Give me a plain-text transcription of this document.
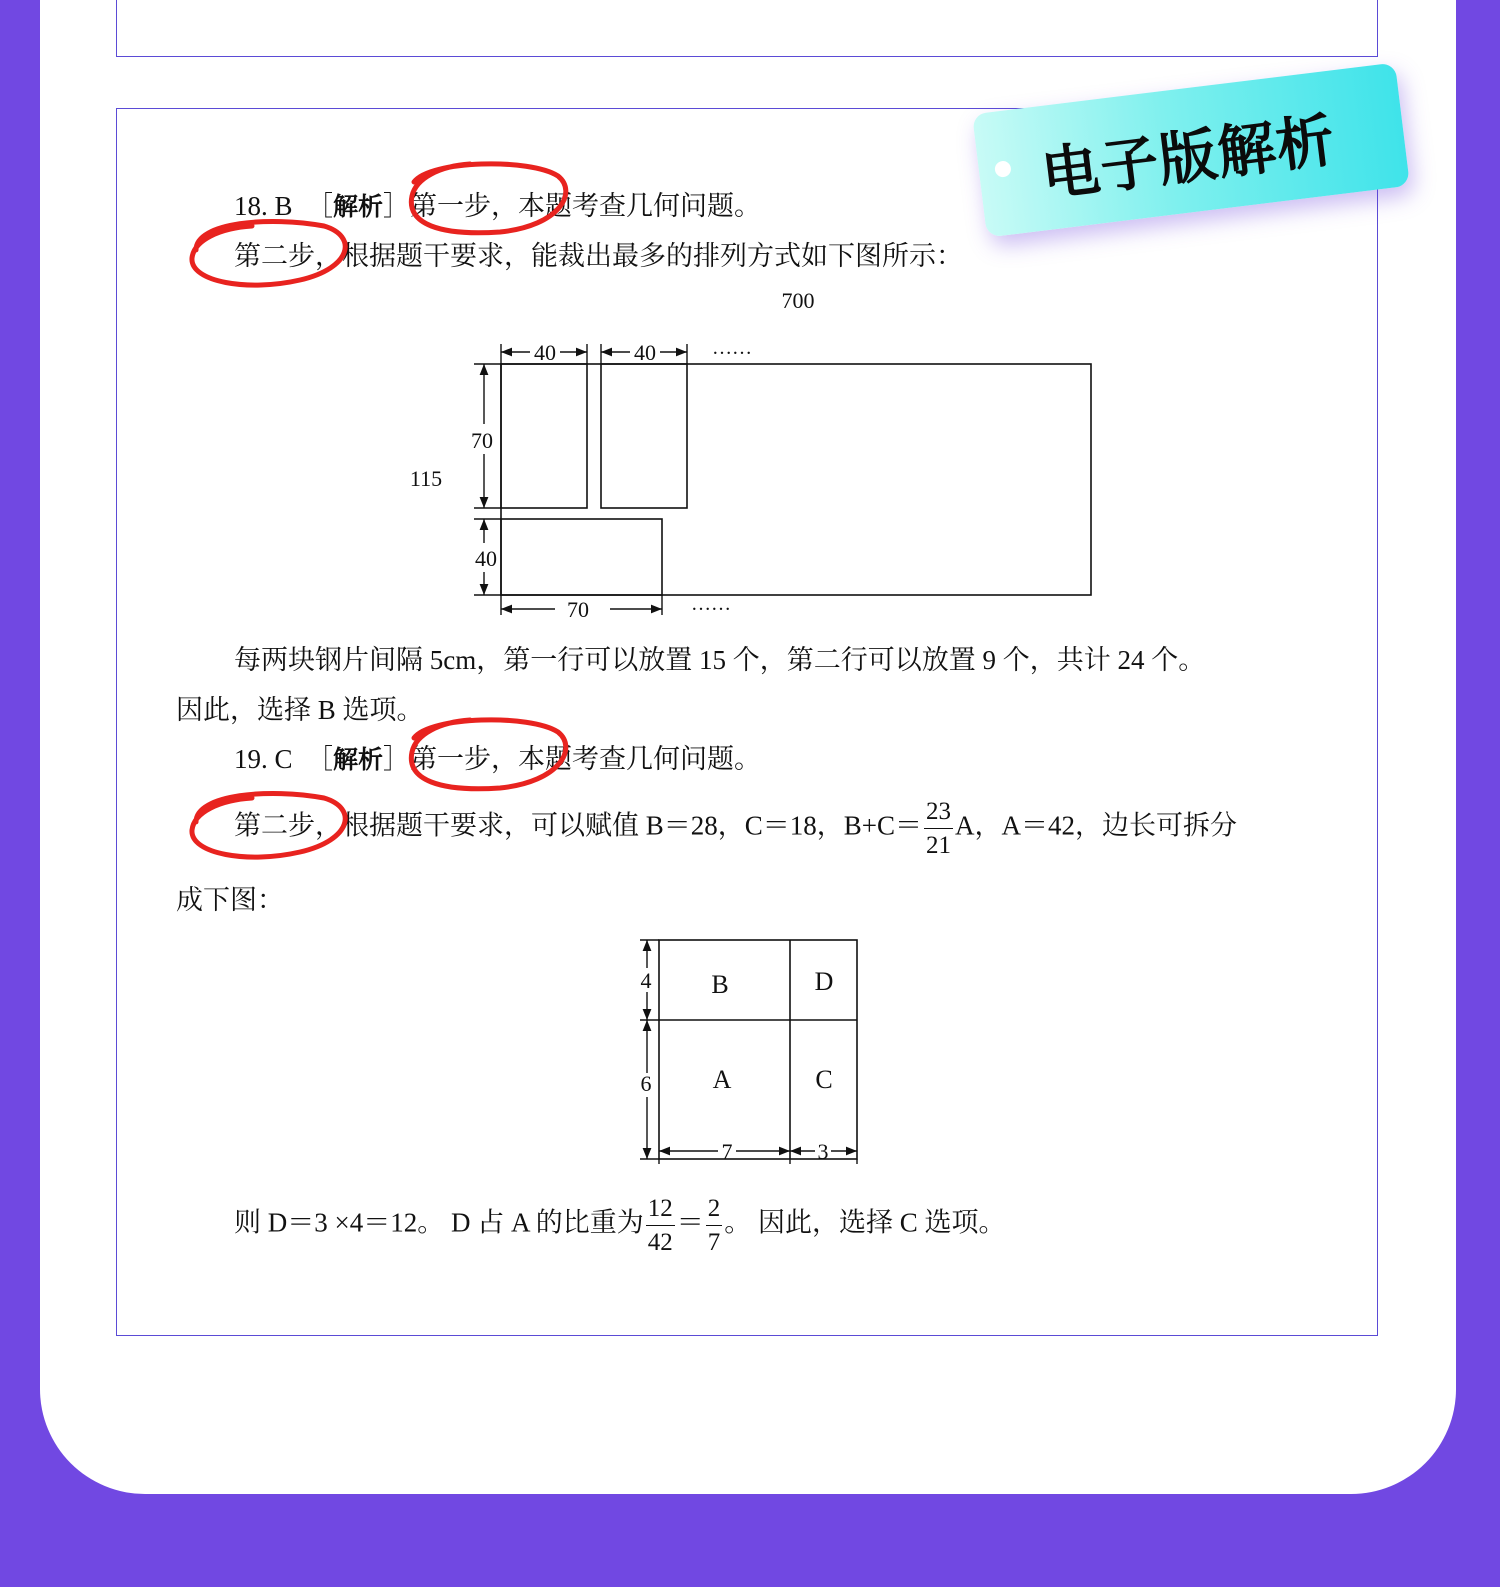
电子版解析
18. B ［解析］第一步，本题考查几何问题。
第二步，根据题干要求，能裁出最多的排列方式如下图所示：
700
40	40	……
70
115
40
70	……
每两块钢片间隔 5cm，第一行可以放置 15 个，第二行可以放置 9 个，共计 24 个。
因此，选择 B 选项。
19. C ［解析］第一步，本题考查几何问题。
第二步，根据题干要求，可以赋值 B＝28，C＝18，$B+C= \frac{23}{21}$ A，A＝42，边长可拆分
成下图：
B	D
A	C
4
6
7	3
则 D＝3 ×4＝12。 D 占 A 的比重为 $\frac{12}{42} = \frac{2}{7}$ 。 因此，选择 C 选项。
